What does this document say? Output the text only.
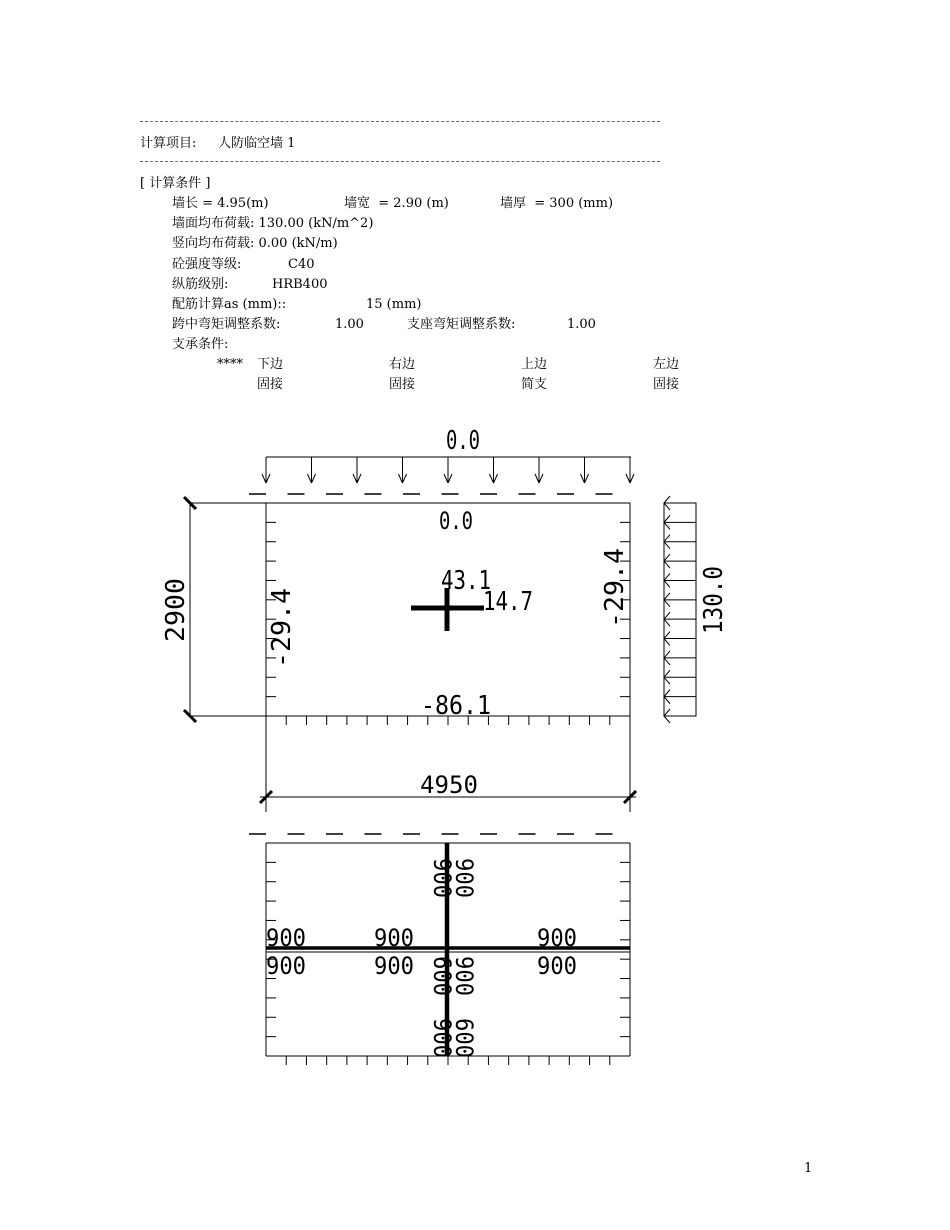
计算项目: 人防临空墙 1
[ 计算条件 ]
墙长 = 4.95(m)	墙宽  = 2.90 (m)	墙厚  = 300 (mm)
墙面均布荷载: 130.00 (kN/m^2)
竖向均布荷载: 0.00 (kN/m)
砼强度等级:	C40
纵筋级别:	HRB400
配筋计算as (mm)::	15 (mm)
跨中弯矩调整系数:	1.00	支座弯矩调整系数:	1.00
支承条件:
**** 下边	右边	上边	左边
固接	固接	简支	固接
0.0
0.0
-86.1
43.1
14.7
-29.4
-29.4	130.0
2900
4950
900
900
900
900
900
900
900
900
600
900
900
600
1
